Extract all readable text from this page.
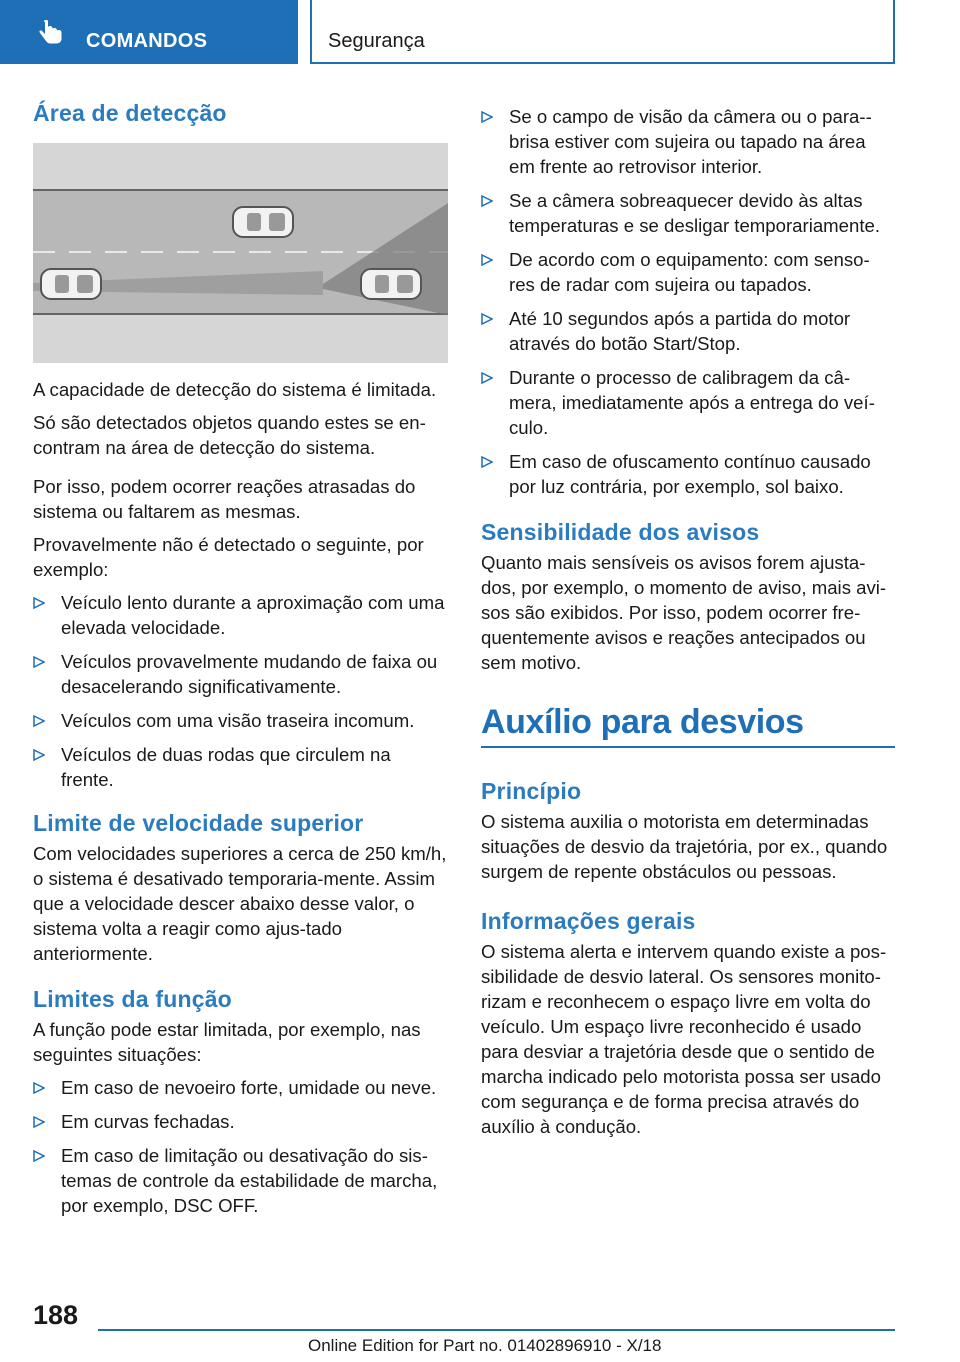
COMANDOS	Segurança
Área de detecção

A capacidade de detecção do sistema é limitada.

Só são detectados objetos quando estes se en-contram na área de detecção do sistema.

Por isso, podem ocorrer reações atrasadas do sistema ou faltarem as mesmas.

Provavelmente não é detectado o seguinte, por exemplo:

Veículo lento durante a aproximação com uma elevada velocidade.
Veículos provavelmente mudando de faixa ou desacelerando significativamente.
Veículos com uma visão traseira incomum.
Veículos de duas rodas que circulem na frente.
Limite de velocidade superior

Com velocidades superiores a cerca de 250 km/h, o sistema é desativado temporaria-mente. Assim que a velocidade descer abaixo desse valor, o sistema volta a reagir como ajus-tado anteriormente.

Limites da função

A função pode estar limitada, por exemplo, nas seguintes situações:

Em caso de nevoeiro forte, umidade ou neve.
Em curvas fechadas.
Em caso de limitação ou desativação do sis-temas de controle da estabilidade de marcha, por exemplo, DSC OFF.
Se o campo de visão da câmera ou o para--brisa estiver com sujeira ou tapado na área em frente ao retrovisor interior.
Se a câmera sobreaquecer devido às altas temperaturas e se desligar temporariamente.
De acordo com o equipamento: com senso-res de radar com sujeira ou tapados.
Até 10 segundos após a partida do motor através do botão Start/Stop.
Durante o processo de calibragem da câ-mera, imediatamente após a entrega do veí-culo.
Em caso de ofuscamento contínuo causado por luz contrária, por exemplo, sol baixo.
Sensibilidade dos avisos

Quanto mais sensíveis os avisos forem ajusta-dos, por exemplo, o momento de aviso, mais avi-sos são exibidos. Por isso, podem ocorrer fre-quentemente avisos e reações antecipados ou sem motivo.

Auxílio para desvios
Princípio

O sistema auxilia o motorista em determinadas situações de desvio da trajetória, por ex., quando surgem de repente obstáculos ou pessoas.

Informações gerais

O sistema alerta e intervem quando existe a pos-sibilidade de desvio lateral. Os sensores monito-rizam e reconhecem o espaço livre em volta do veículo. Um espaço livre reconhecido é usado para desviar a trajetória desde que o sentido de marcha indicado pelo motorista possa ser usado com segurança e de forma precisa através do auxílio à condução.

188
Online Edition for Part no. 01402896910 - X/18
